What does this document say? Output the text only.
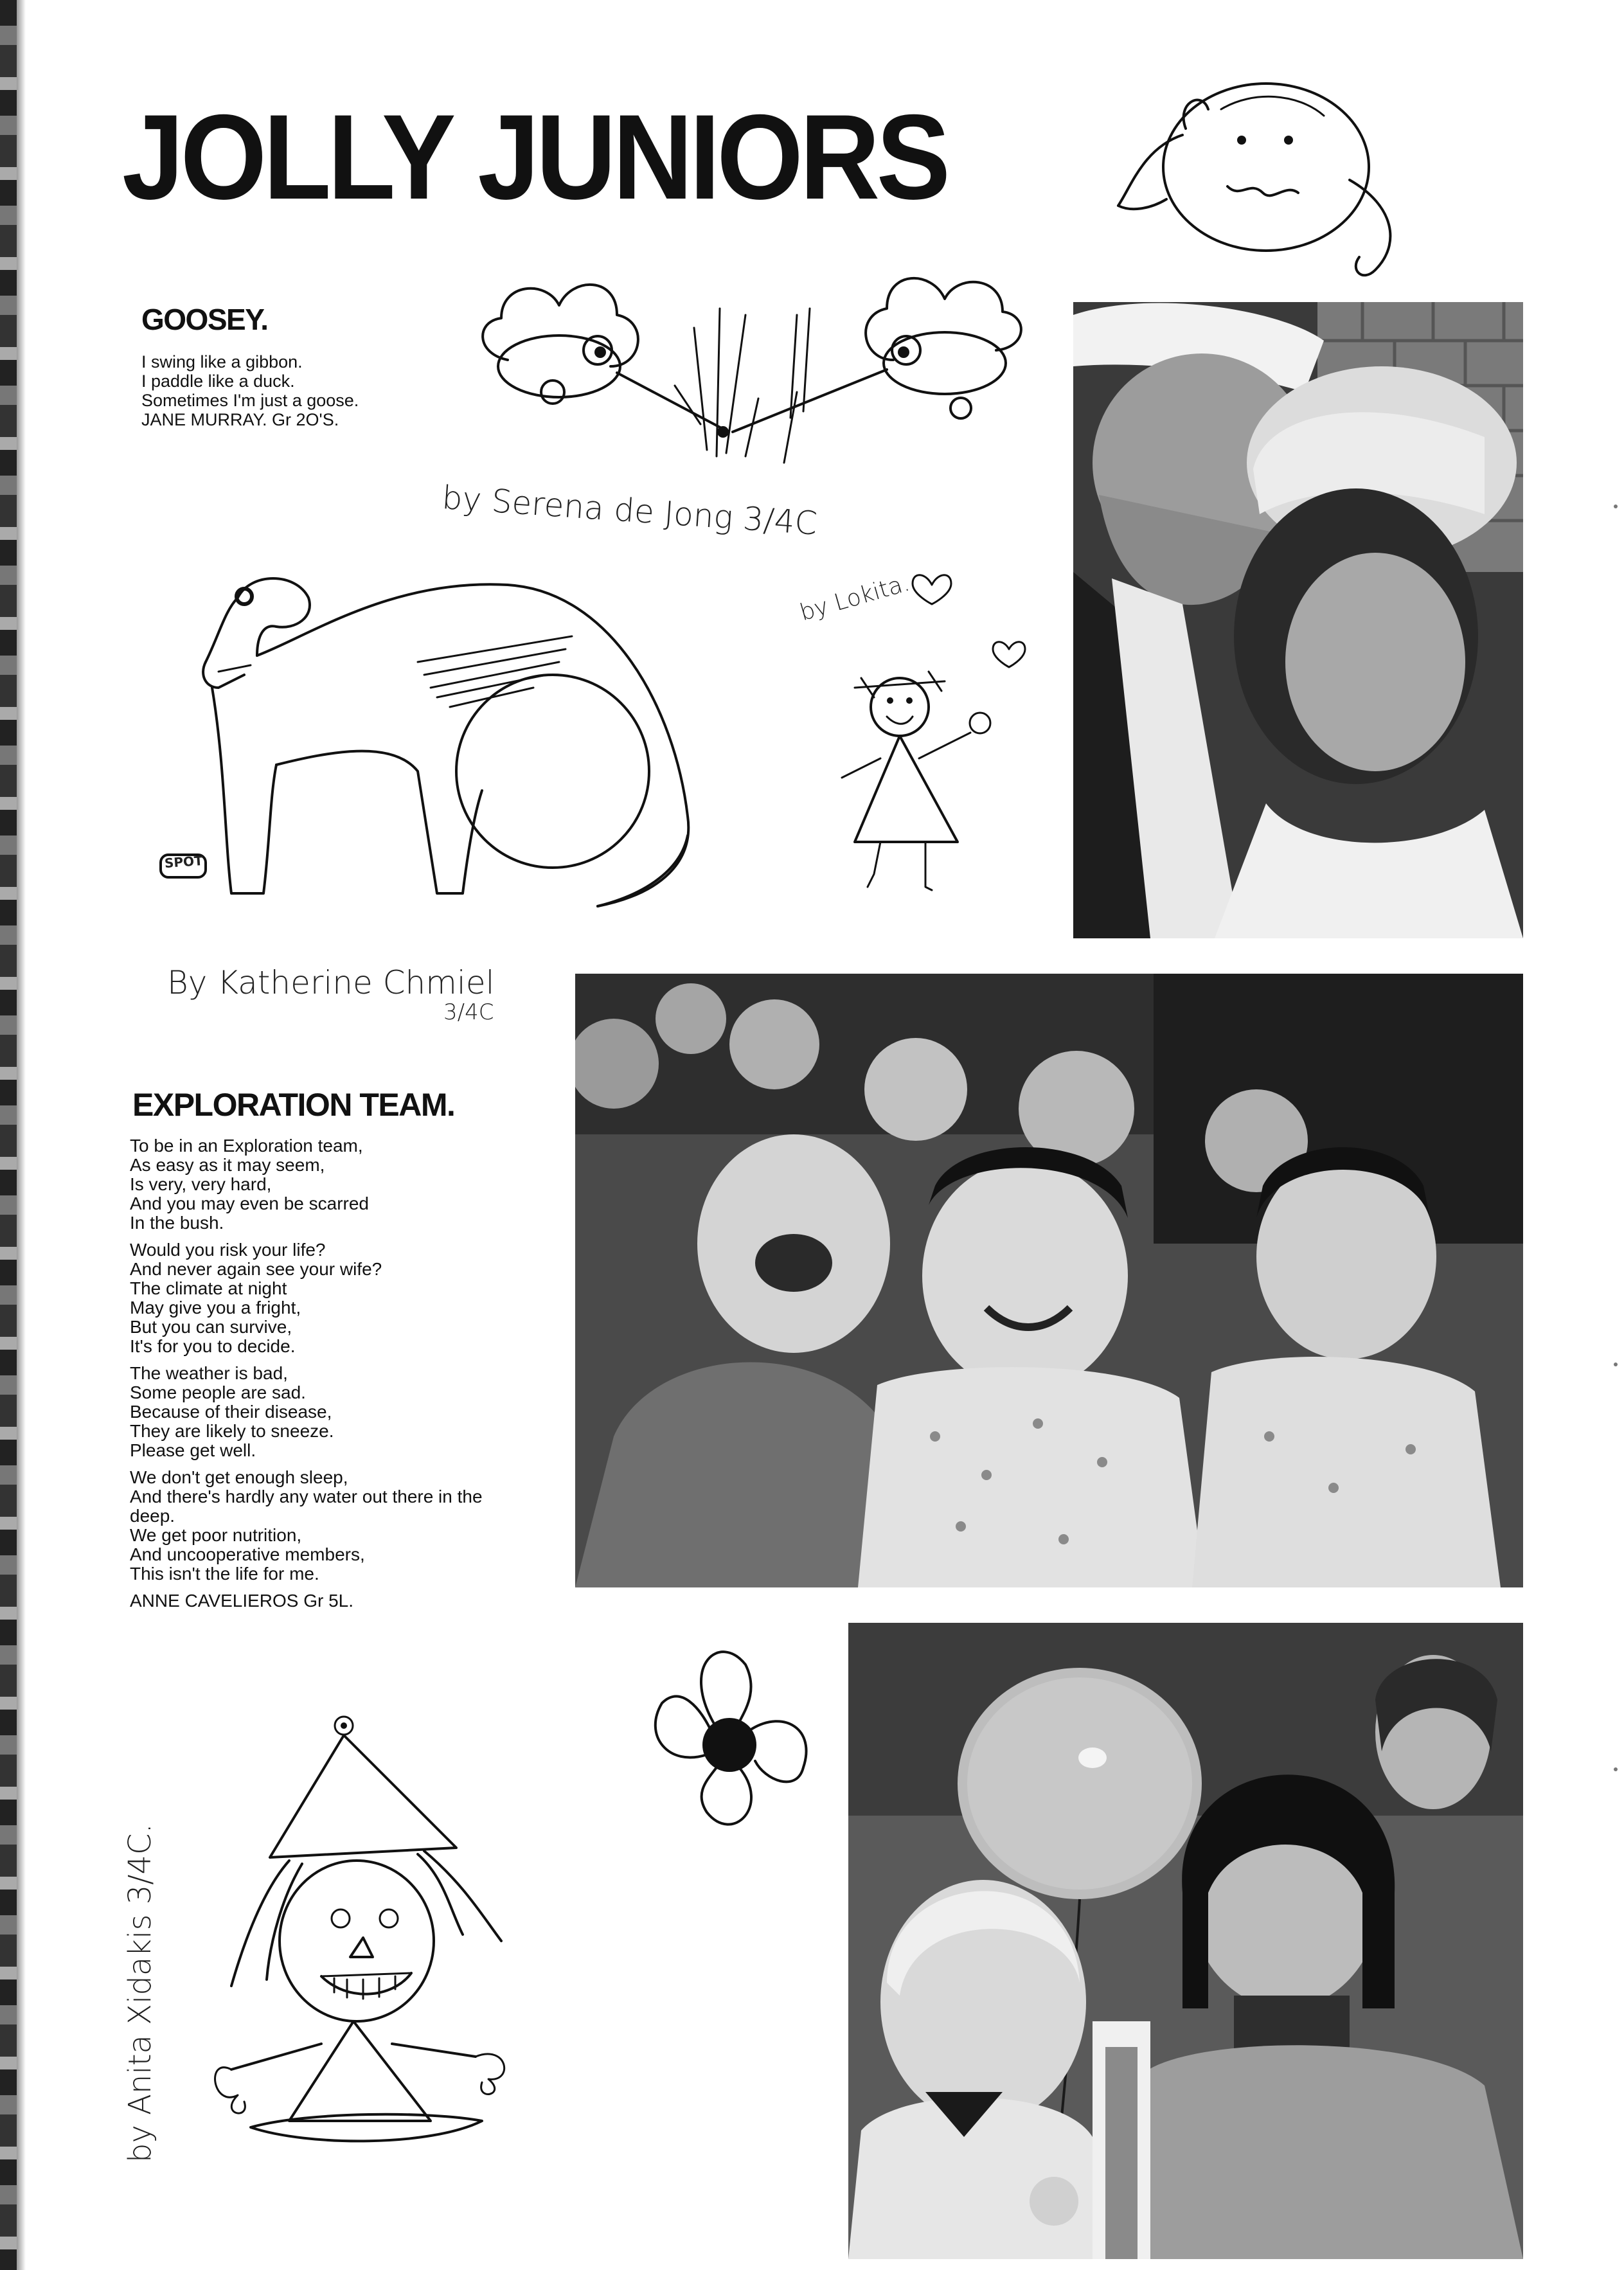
JOLLY JUNIORS
GOOSEY.
I swing like a gibbon.
I paddle like a duck.
Sometimes I'm just a goose.
JANE MURRAY. Gr 2O'S.
by Serena de Jong 3/4C
SPOT
by Lokita.
By Katherine Chmiel
3/4C
EXPLORATION TEAM.
To be in an Exploration team,
As easy as it may seem,
Is very, very hard,
And you may even be scarred
In the bush.
Would you risk your life?
And never again see your wife?
The climate at night
May give you a fright,
But you can survive,
It's for you to decide.
The weather is bad,
Some people are sad.
Because of their disease,
They are likely to sneeze.
Please get well.
We don't get enough sleep,
And there's hardly any water out there in the
deep.
We get poor nutrition,
And uncooperative members,
This isn't the life for me.
ANNE CAVELIEROS Gr 5L.
by Anita Xidakis 3/4C.
